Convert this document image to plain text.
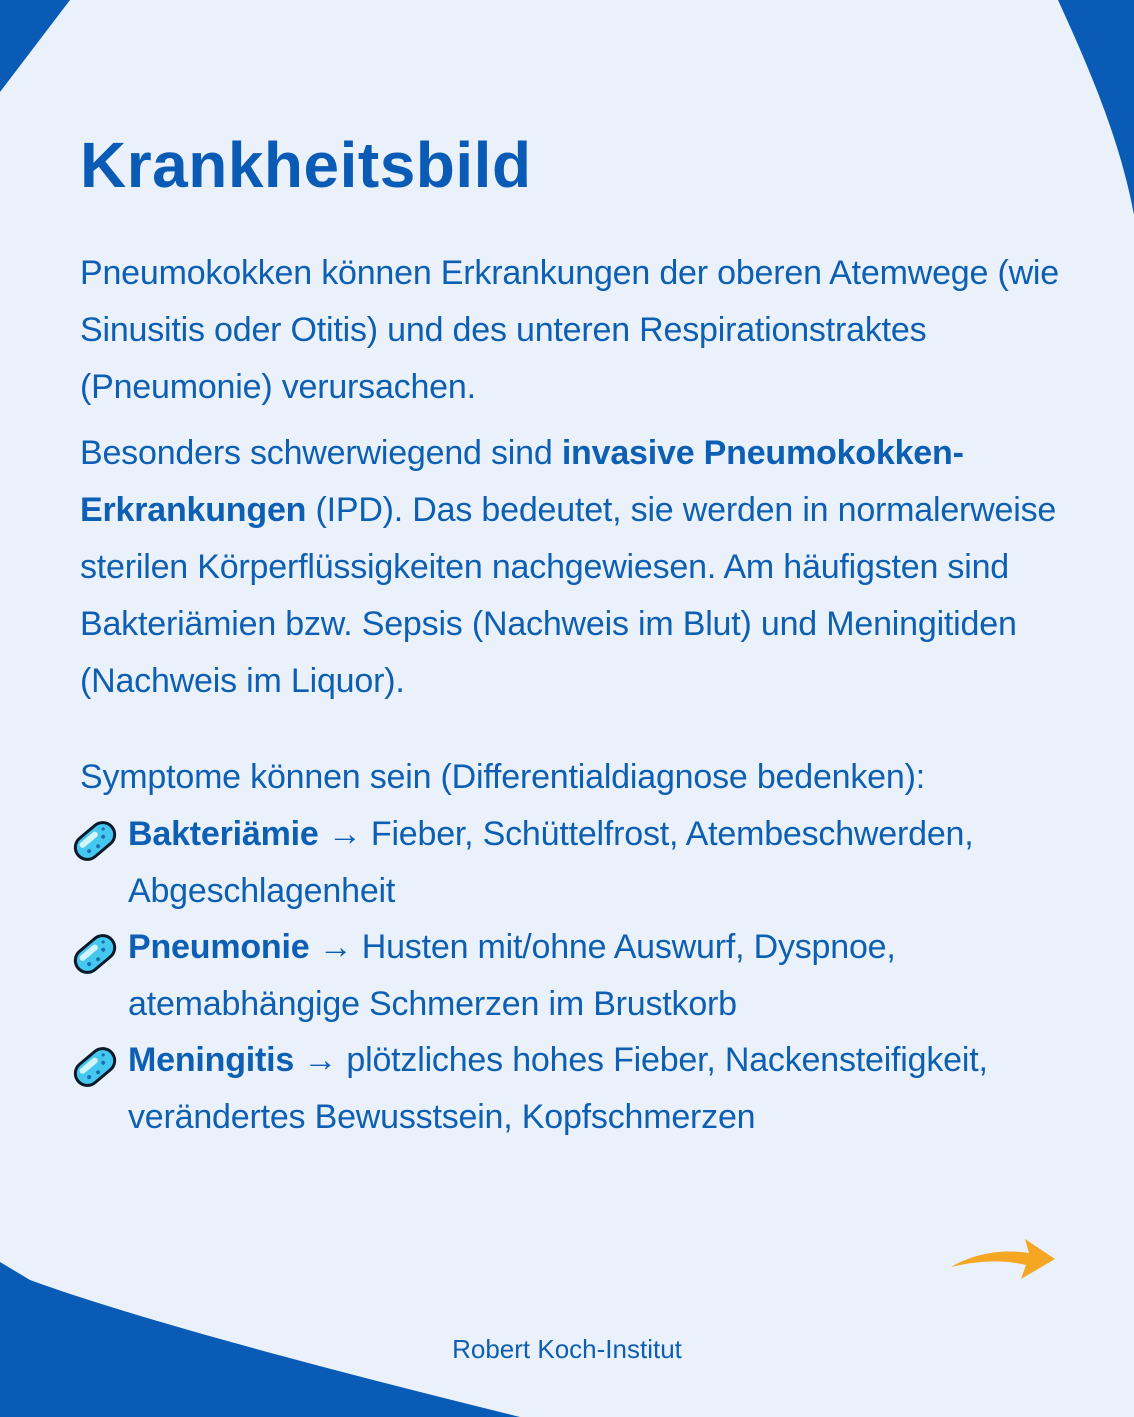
Krankheitsbild

Pneumokokken können Erkrankungen der oberen Atemwege (wie Sinusitis oder Otitis) und des unteren Respirationstraktes (Pneumonie) verursachen.

Besonders schwerwiegend sind invasive Pneumokokken-Erkrankungen (IPD). Das bedeutet, sie werden in normalerweise sterilen Körperflüssigkeiten nachgewiesen. Am häufigsten sind Bakteriämien bzw. Sepsis (Nachweis im Blut) und Meningitiden (Nachweis im Liquor).

Symptome können sein (Differentialdiagnose bedenken):

Bakteriämie → Fieber, Schüttelfrost, Atembeschwerden, Abgeschlagenheit

Pneumonie → Husten mit/ohne Auswurf, Dyspnoe, atemabhängige Schmerzen im Brustkorb

Meningitis → plötzliches hohes Fieber, Nackensteifigkeit, verändertes Bewusstsein, Kopfschmerzen

Robert Koch-Institut
